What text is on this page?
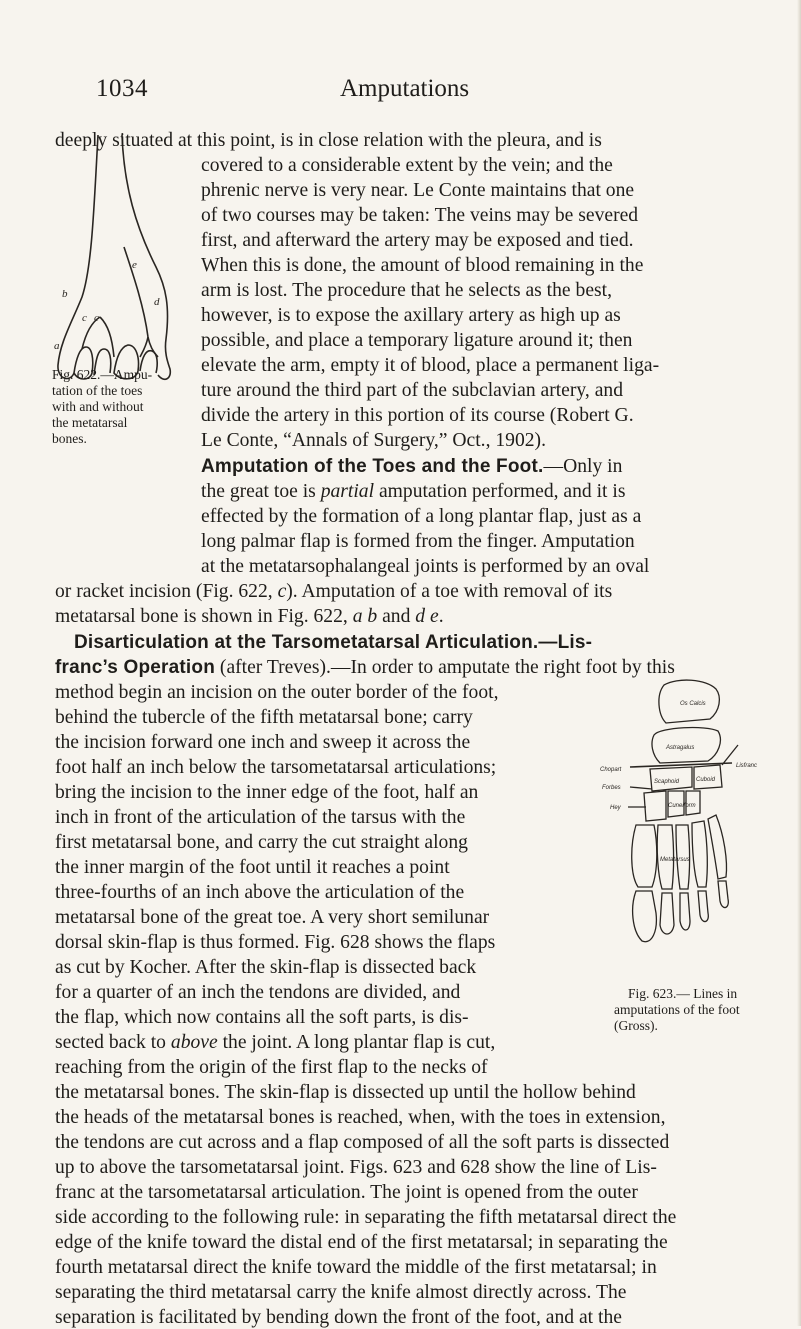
1034	Amputations
e
b
d
c c
a
Fig. 622.—Ampu-
tation of the toes
with and without
the metatarsal
bones.
deeply situated at this point, is in close relation with the pleura, and is
covered to a considerable extent by the vein; and the
phrenic nerve is very near. Le Conte maintains that one
of two courses may be taken: The veins may be severed
first, and afterward the artery may be exposed and tied.
When this is done, the amount of blood remaining in the
arm is lost. The procedure that he selects as the best,
however, is to expose the axillary artery as high up as
possible, and place a temporary ligature around it; then
elevate the arm, empty it of blood, place a permanent liga-
ture around the third part of the subclavian artery, and
divide the artery in this portion of its course (Robert G.
Le Conte, “Annals of Surgery,” Oct., 1902).
Amputation of the Toes and the Foot.—Only in
the great toe is partial amputation performed, and it is
effected by the formation of a long plantar flap, just as a
long palmar flap is formed from the finger. Amputation
at the metatarsophalangeal joints is performed by an oval
or racket incision (Fig. 622, c). Amputation of a toe with removal of its
metatarsal bone is shown in Fig. 622, a b and d e.
Disarticulation at the Tarsometatarsal Articulation.—Lis-
franc’s Operation (after Treves).—In order to amputate the right foot by this
method begin an incision on the outer border of the foot,
behind the tubercle of the fifth metatarsal bone; carry
the incision forward one inch and sweep it across the
foot half an inch below the tarsometatarsal articulations;
bring the incision to the inner edge of the foot, half an
inch in front of the articulation of the tarsus with the
first metatarsal bone, and carry the cut straight along
the inner margin of the foot until it reaches a point
three-fourths of an inch above the articulation of the
metatarsal bone of the great toe. A very short semilunar
dorsal skin-flap is thus formed. Fig. 628 shows the flaps
as cut by Kocher. After the skin-flap is dissected back
for a quarter of an inch the tendons are divided, and
the flap, which now contains all the soft parts, is dis-
sected back to above the joint. A long plantar flap is cut,
reaching from the origin of the first flap to the necks of
the metatarsal bones. The skin-flap is dissected up until the hollow behind
the heads of the metatarsal bones is reached, when, with the toes in extension,
the tendons are cut across and a flap composed of all the soft parts is dissected
up to above the tarsometatarsal joint. Figs. 623 and 628 show the line of Lis-
franc at the tarsometatarsal articulation. The joint is opened from the outer
side according to the following rule: in separating the fifth metatarsal direct the
edge of the knife toward the distal end of the first metatarsal; in separating the
fourth metatarsal direct the knife toward the middle of the first metatarsal; in
separating the third metatarsal carry the knife almost directly across. The
separation is facilitated by bending down the front of the foot, and at the
Os Calcis
Astragalus
Chopart
Lisfranc
Forbes
Scaphoid	Cuboid
Cuneiform
Hey
Metatarsus
Fig. 623.— Lines in
amputations of the foot
(Gross).
